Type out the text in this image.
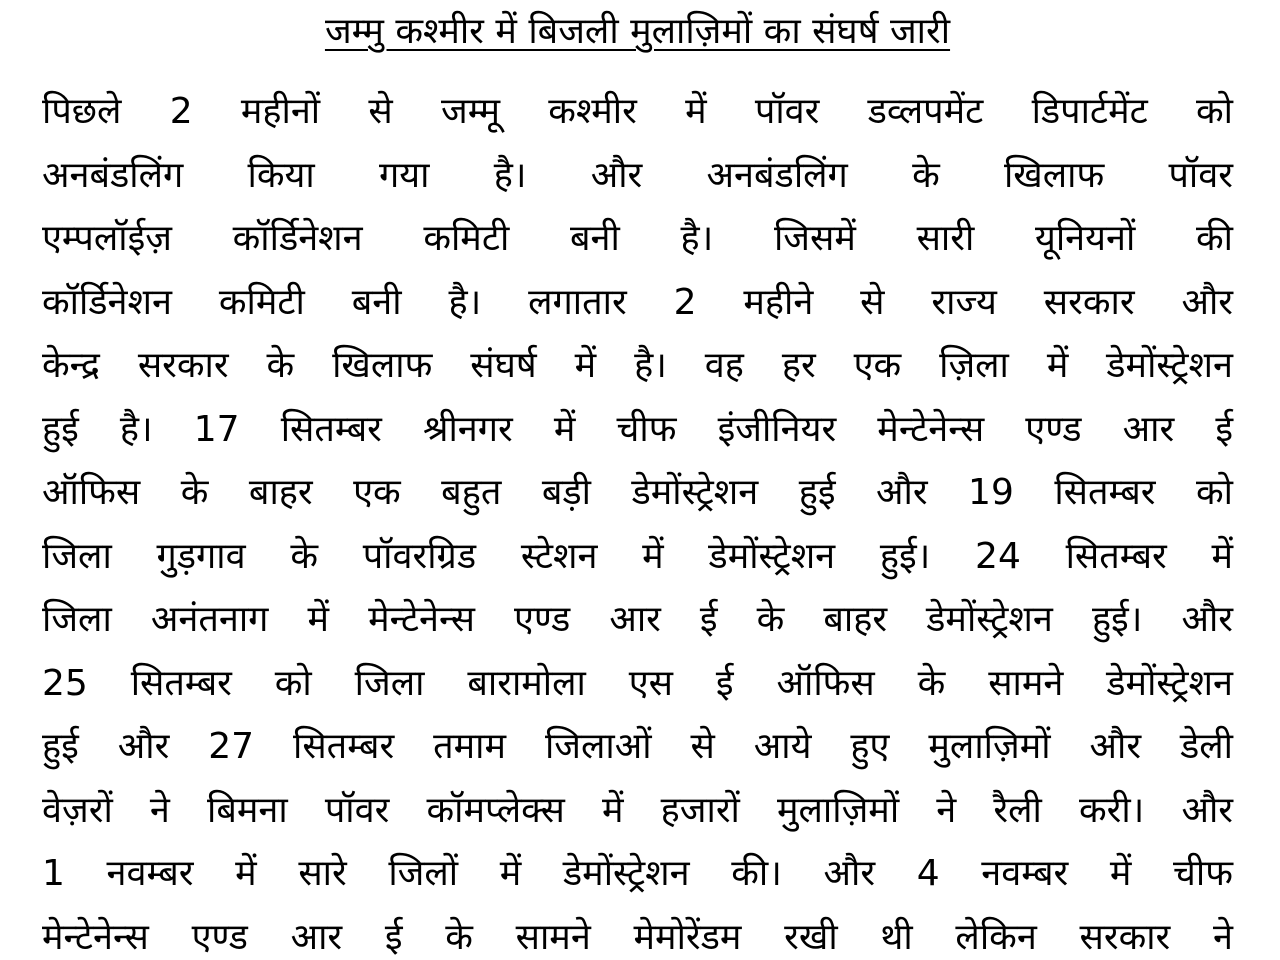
जम्मु कश्मीर में बिजली मुलाज़िमों का संघर्ष जारी
पिछले 2 महीनों से जम्मू कश्मीर में पॉवर डव्लपमेंट डिपार्टमेंट को
अनबंडलिंग किया गया है। और अनबंडलिंग के खिलाफ पॉवर
एम्पलॉईज़ कॉर्डिनेशन कमिटी बनी है। जिसमें सारी यूनियनों की
कॉर्डिनेशन कमिटी बनी है। लगातार 2 महीने से राज्य सरकार और
केन्द्र सरकार के खिलाफ संघर्ष में है। वह हर एक ज़िला में डेमोंस्ट्रेशन
हुई है। 17 सितम्बर श्रीनगर में चीफ इंजीनियर मेन्टेनेन्स एण्ड आर ई
ऑफिस के बाहर एक बहुत बड़ी डेमोंस्ट्रेशन हुई और 19 सितम्बर को
जिला गुड़गाव के पॉवरग्रिड स्टेशन में डेमोंस्ट्रेशन हुई। 24 सितम्बर में
जिला अनंतनाग में मेन्टेनेन्स एण्ड आर ई के बाहर डेमोंस्ट्रेशन हुई। और
25 सितम्बर को जिला बारामोला एस ई ऑफिस के सामने डेमोंस्ट्रेशन
हुई और 27 सितम्बर तमाम जिलाओं से आये हुए मुलाज़िमों और डेली
वेज़रों ने बिमना पॉवर कॉमप्लेक्स में हजारों मुलाज़िमों ने रैली करी। और
1 नवम्बर में सारे जिलों में डेमोंस्ट्रेशन की। और 4 नवम्बर में चीफ
मेन्टेनेन्स एण्ड आर ई के सामने मेमोरेंडम रखी थी लेकिन सरकार ने
